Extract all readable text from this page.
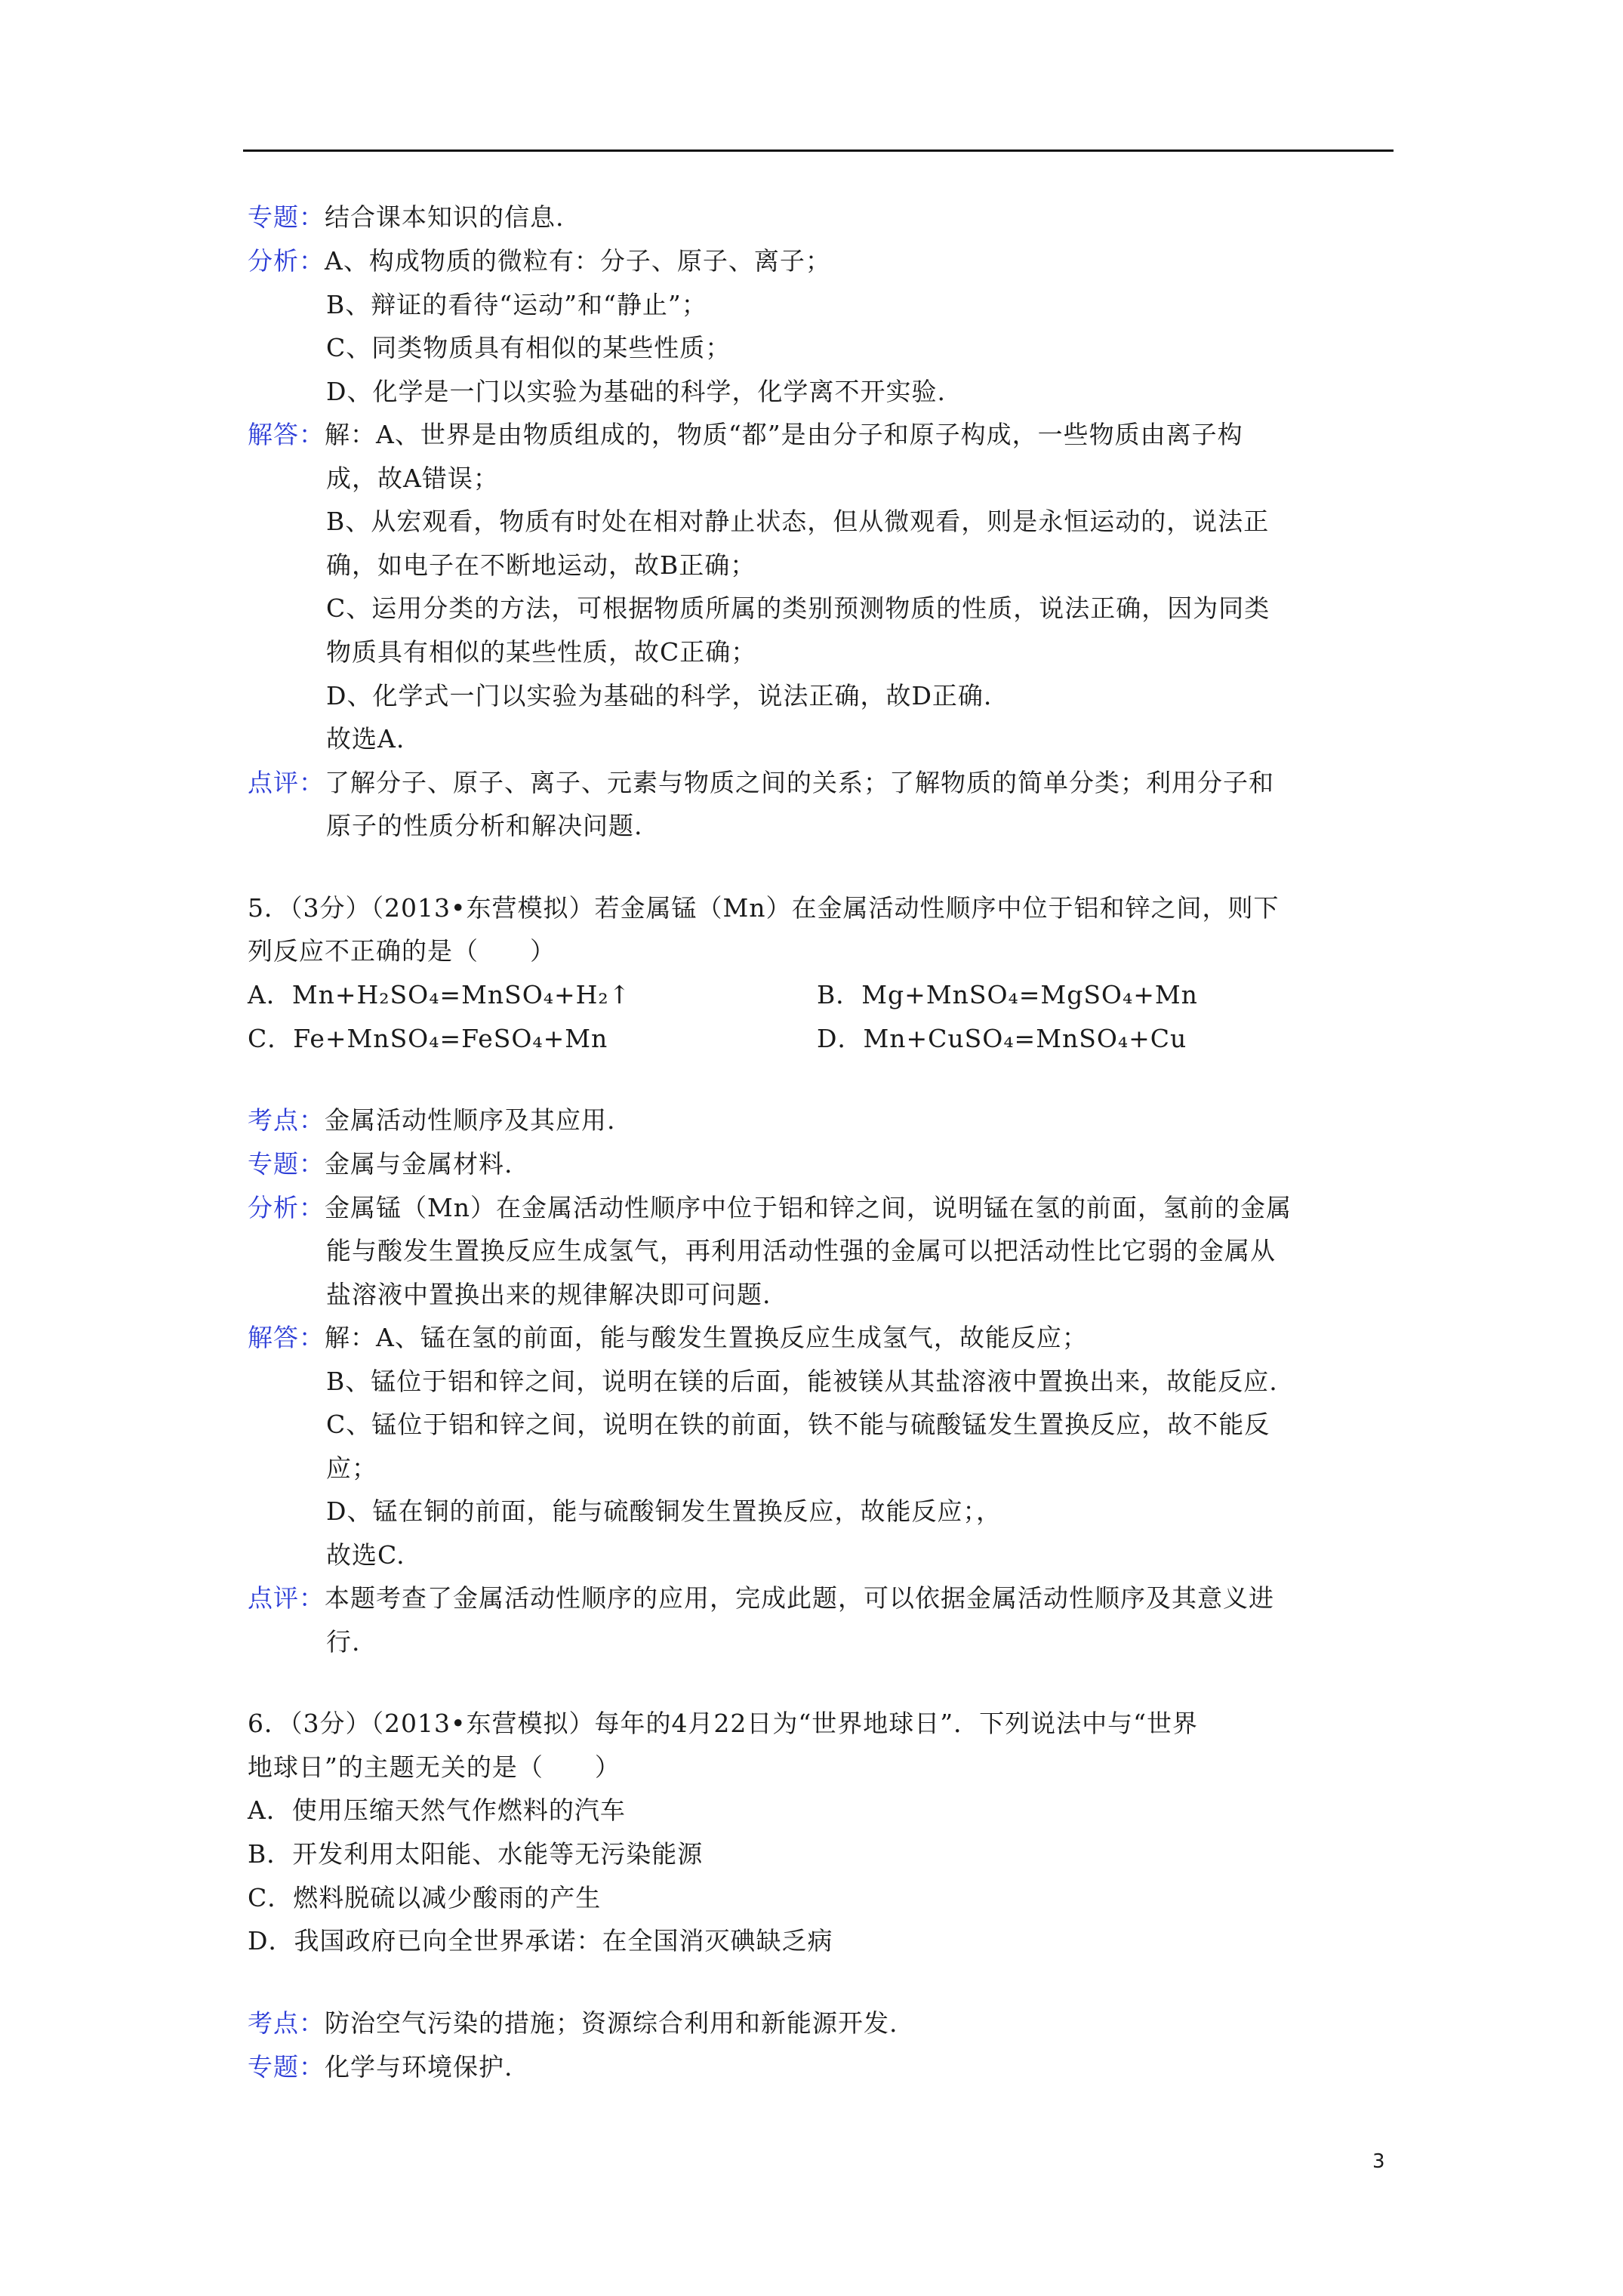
专题：结合课本知识的信息.
分析：A、构成物质的微粒有：分子、原子、离子；
B、辩证的看待“运动”和“静止”；
C、同类物质具有相似的某些性质；
D、化学是一门以实验为基础的科学，化学离不开实验.
解答：解：A、世界是由物质组成的，物质“都”是由分子和原子构成，一些物质由离子构
成，故A错误；
B、从宏观看，物质有时处在相对静止状态，但从微观看，则是永恒运动的，说法正
确，如电子在不断地运动，故B正确；
C、运用分类的方法，可根据物质所属的类别预测物质的性质，说法正确，因为同类
物质具有相似的某些性质，故C正确；
D、化学式一门以实验为基础的科学，说法正确，故D正确.
故选A.
点评：了解分子、原子、离子、元素与物质之间的关系；了解物质的简单分类；利用分子和
原子的性质分析和解决问题.
5．（3分）（2013•东营模拟）若金属锰（Mn）在金属活动性顺序中位于铝和锌之间，则下
列反应不正确的是（　　）
A．Mn+H₂SO₄=MnSO₄+H₂↑	B．Mg+MnSO₄=MgSO₄+Mn
C．Fe+MnSO₄=FeSO₄+Mn	D．Mn+CuSO₄=MnSO₄+Cu
考点：金属活动性顺序及其应用.
专题：金属与金属材料.
分析：金属锰（Mn）在金属活动性顺序中位于铝和锌之间，说明锰在氢的前面，氢前的金属
能与酸发生置换反应生成氢气，再利用活动性强的金属可以把活动性比它弱的金属从
盐溶液中置换出来的规律解决即可问题.
解答：解：A、锰在氢的前面，能与酸发生置换反应生成氢气，故能反应；
B、锰位于铝和锌之间，说明在镁的后面，能被镁从其盐溶液中置换出来，故能反应.
C、锰位于铝和锌之间，说明在铁的前面，铁不能与硫酸锰发生置换反应，故不能反
应；
D、锰在铜的前面，能与硫酸铜发生置换反应，故能反应；，
故选C.
点评：本题考查了金属活动性顺序的应用，完成此题，可以依据金属活动性顺序及其意义进
行.
6．（3分）（2013•东营模拟）每年的4月22日为“世界地球日”．下列说法中与“世界
地球日”的主题无关的是（　　）
A．使用压缩天然气作燃料的汽车
B．开发利用太阳能、水能等无污染能源
C．燃料脱硫以减少酸雨的产生
D．我国政府已向全世界承诺：在全国消灭碘缺乏病
考点：防治空气污染的措施；资源综合利用和新能源开发.
专题：化学与环境保护.
3
